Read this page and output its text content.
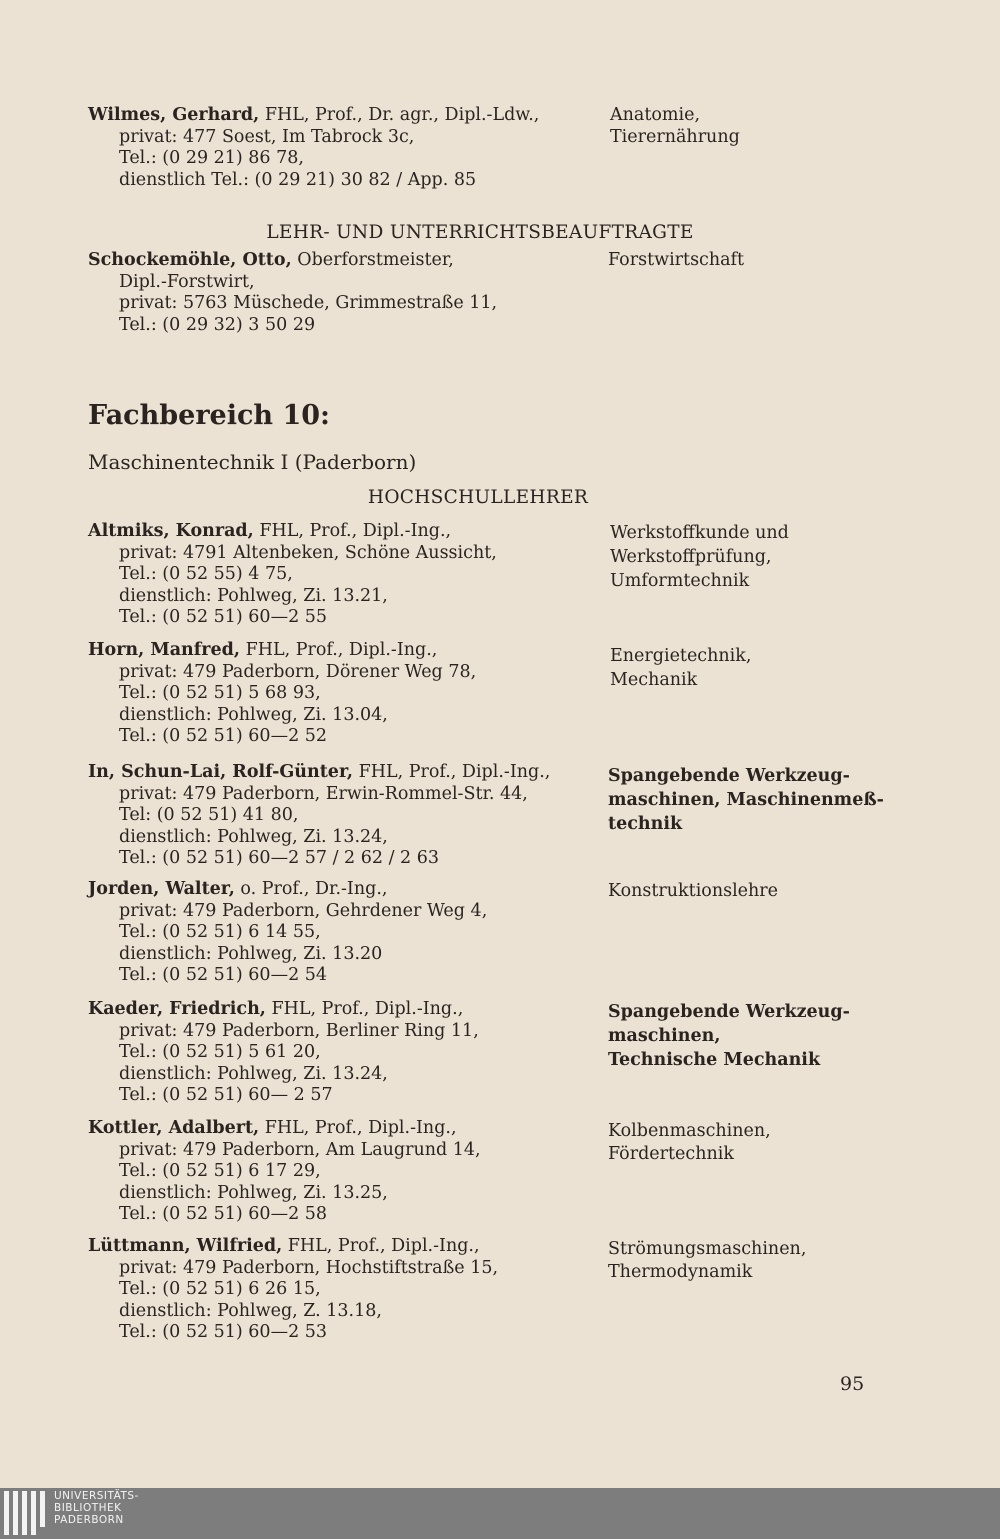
Wilmes, Gerhard, FHL, Prof., Dr. agr., Dipl.-Ldw.,
privat: 477 Soest, Im Tabrock 3c,
Tel.: (0 29 21) 86 78,
dienstlich Tel.: (0 29 21) 30 82 / App. 85
Anatomie,
Tierernährung
LEHR- UND UNTERRICHTSBEAUFTRAGTE
Schockemöhle, Otto, Oberforstmeister,
Dipl.-Forstwirt,
privat: 5763 Müschede, Grimmestraße 11,
Tel.: (0 29 32) 3 50 29
Forstwirtschaft
Fachbereich 10:
Maschinentechnik I (Paderborn)
HOCHSCHULLEHRER
Altmiks, Konrad, FHL, Prof., Dipl.-Ing.,
privat: 4791 Altenbeken, Schöne Aussicht,
Tel.: (0 52 55) 4 75,
dienstlich: Pohlweg, Zi. 13.21,
Tel.: (0 52 51) 60—2 55
Werkstoffkunde und
Werkstoffprüfung,
Umformtechnik
Horn, Manfred, FHL, Prof., Dipl.-Ing.,
privat: 479 Paderborn, Dörener Weg 78,
Tel.: (0 52 51) 5 68 93,
dienstlich: Pohlweg, Zi. 13.04,
Tel.: (0 52 51) 60—2 52
Energietechnik,
Mechanik
In, Schun-Lai, Rolf-Günter, FHL, Prof., Dipl.-Ing.,
privat: 479 Paderborn, Erwin-Rommel-Str. 44,
Tel: (0 52 51) 41 80,
dienstlich: Pohlweg, Zi. 13.24,
Tel.: (0 52 51) 60—2 57 / 2 62 / 2 63
Spangebende Werkzeug-
maschinen, Maschinenmeß-
technik
Jorden, Walter, o. Prof., Dr.-Ing.,
privat: 479 Paderborn, Gehrdener Weg 4,
Tel.: (0 52 51) 6 14 55,
dienstlich: Pohlweg, Zi. 13.20
Tel.: (0 52 51) 60—2 54
Konstruktionslehre
Kaeder, Friedrich, FHL, Prof., Dipl.-Ing.,
privat: 479 Paderborn, Berliner Ring 11,
Tel.: (0 52 51) 5 61 20,
dienstlich: Pohlweg, Zi. 13.24,
Tel.: (0 52 51) 60— 2 57
Spangebende Werkzeug-
maschinen,
Technische Mechanik
Kottler, Adalbert, FHL, Prof., Dipl.-Ing.,
privat: 479 Paderborn, Am Laugrund 14,
Tel.: (0 52 51) 6 17 29,
dienstlich: Pohlweg, Zi. 13.25,
Tel.: (0 52 51) 60—2 58
Kolbenmaschinen,
Fördertechnik
Lüttmann, Wilfried, FHL, Prof., Dipl.-Ing.,
privat: 479 Paderborn, Hochstiftstraße 15,
Tel.: (0 52 51) 6 26 15,
dienstlich: Pohlweg, Z. 13.18,
Tel.: (0 52 51) 60—2 53
Strömungsmaschinen,
Thermodynamik
95
UNIVERSITÄTS-
BIBLIOTHEK
PADERBORN
